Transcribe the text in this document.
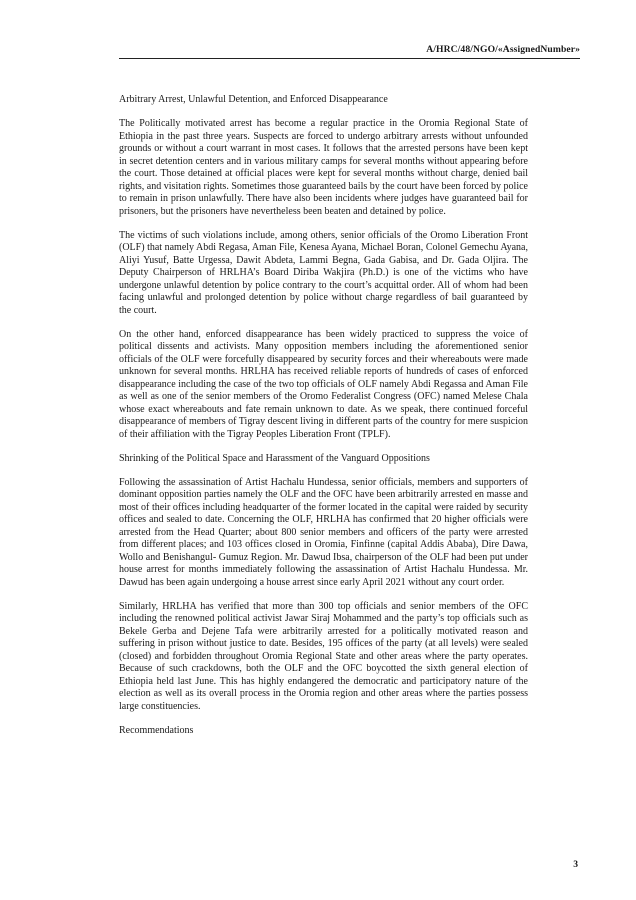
A/HRC/48/NGO/«AssignedNumber»
Arbitrary Arrest, Unlawful Detention, and Enforced Disappearance

The Politically motivated arrest has become a regular practice in the Oromia Regional State of Ethiopia in the past three years. Suspects are forced to undergo arbitrary arrests without unfounded grounds or without a court warrant in most cases. It follows that the arrested persons have been kept in secret detention centers and in various military camps for several months without appearing before the court. Those detained at official places were kept for several months without charge, denied bail rights, and visitation rights. Sometimes those guaranteed bails by the court have been forced by police to remain in prison unlawfully. There have also been incidents where judges have guaranteed bail for prisoners, but the prisoners have nevertheless been beaten and detained by police.

The victims of such violations include, among others, senior officials of the Oromo Liberation Front (OLF) that namely Abdi Regasa, Aman File, Kenesa Ayana, Michael Boran, Colonel Gemechu Ayana, Aliyi Yusuf, Batte Urgessa, Dawit Abdeta, Lammi Begna, Gada Gabisa, and Dr. Gada Oljira. The Deputy Chairperson of HRLHA’s Board Diriba Wakjira (Ph.D.) is one of the victims who have undergone unlawful detention by police contrary to the court’s acquittal order. All of whom had been facing unlawful and prolonged detention by police without charge regardless of bail guaranteed by the court.

On the other hand, enforced disappearance has been widely practiced to suppress the voice of political dissents and activists. Many opposition members including the aforementioned senior officials of the OLF were forcefully disappeared by security forces and their whereabouts were made unknown for several months. HRLHA has received reliable reports of hundreds of cases of enforced disappearance including the case of the two top officials of OLF namely Abdi Regassa and Aman File as well as one of the senior members of the Oromo Federalist Congress (OFC) named Melese Chala whose exact whereabouts and fate remain unknown to date. As we speak, there continued forceful disappearance of members of Tigray descent living in different parts of the country for mere suspicion of their affiliation with the Tigray Peoples Liberation Front (TPLF).

Shrinking of the Political Space and Harassment of the Vanguard Oppositions

Following the assassination of Artist Hachalu Hundessa, senior officials, members and supporters of dominant opposition parties namely the OLF and the OFC have been arbitrarily arrested en masse and most of their offices including headquarter of the former located in the capital were raided by security offices and sealed to date. Concerning the OLF, HRLHA has confirmed that 20 higher officials were arrested from the Head Quarter; about 800 senior members and officers of the party were arrested from different places; and 103 offices closed in Oromia, Finfinne (capital Addis Ababa), Dire Dawa, Wollo and Benishangul- Gumuz Region. Mr. Dawud Ibsa, chairperson of the OLF had been put under house arrest for months immediately following the assassination of Artist Hachalu Hundessa. Mr. Dawud has been again undergoing a house arrest since early April 2021 without any court order.

Similarly, HRLHA has verified that more than 300 top officials and senior members of the OFC including the renowned political activist Jawar Siraj Mohammed and the party’s top officials such as Bekele Gerba and Dejene Tafa were arbitrarily arrested for a politically motivated reason and suffering in prison without justice to date. Besides, 195 offices of the party (at all levels) were sealed (closed) and forbidden throughout Oromia Regional State and other areas where the party operates. Because of such crackdowns, both the OLF and the OFC boycotted the sixth general election of Ethiopia held last June. This has highly endangered the democratic and participatory nature of the election as well as its overall process in the Oromia region and other areas where the parties possess large constituencies.

Recommendations
3
